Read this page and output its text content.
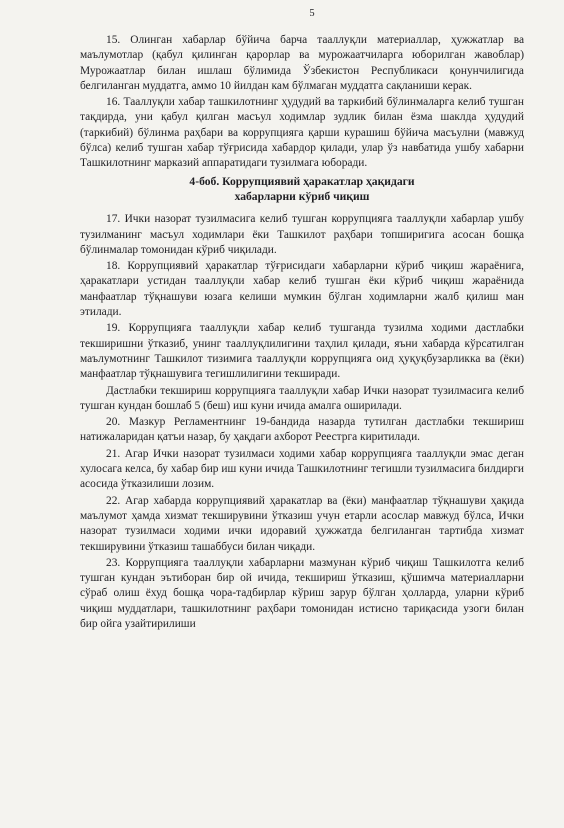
5

15. Олинган хабарлар бўйича барча тааллуқли материаллар, ҳужжатлар ва маълумотлар (қабул қилинган қарорлар ва мурожаатчиларга юборилган жавоблар) Мурожаатлар билан ишлаш бўлимида Ўзбекистон Республикаси қонунчилигида белгиланган муддатга, аммо 10 йилдан кам бўлмаган муддатга сақланиши керак.

16. Тааллуқли хабар ташкилотнинг ҳудудий ва таркибий бўлинмаларга келиб тушган тақдирда, уни қабул қилган масъул ходимлар зудлик билан ёзма шаклда ҳудудий (таркибий) бўлинма раҳбари ва коррупцияга қарши курашиш бўйича масъулни (мавжуд бўлса) келиб тушган хабар тўғрисида хабардор қилади, улар ўз навбатида ушбу хабарни Ташкилотнинг марказий аппаратидаги тузилмага юборади.

4-боб. Коррупциявий ҳаракатлар ҳақидаги
хабарларни кўриб чиқиш

17. Ички назорат тузилмасига келиб тушган коррупцияга тааллуқли хабарлар ушбу тузилманинг масъул ходимлари ёки Ташкилот раҳбари топширигига асосан бошқа бўлинмалар томонидан кўриб чиқилади.

18. Коррупциявий ҳаракатлар тўғрисидаги хабарларни кўриб чиқиш жараёнига, ҳаракатлари устидан тааллуқли хабар келиб тушган ёки кўриб чиқиш жараёнида манфаатлар тўқнашуви юзага келиши мумкин бўлган ходимларни жалб қилиш ман этилади.

19. Коррупцияга тааллуқли хабар келиб тушганда тузилма ходими дастлабки текширишни ўтказиб, унинг тааллуқлилигини таҳлил қилади, яъни хабарда кўрсатилган маълумотнинг Ташкилот тизимига тааллуқли коррупцияга оид ҳуқуқбузарликка ва (ёки) манфаатлар тўқнашувига тегишлилигини текширади.

Дастлабки текшириш коррупцияга тааллуқли хабар Ички назорат тузилмасига келиб тушган кундан бошлаб 5 (беш) иш куни ичида амалга оширилади.

20. Мазкур Регламентнинг 19-бандида назарда тутилган дастлабки текшириш натижаларидан қатъи назар, бу ҳақдаги ахборот Реестрга киритилади.

21. Агар Ички назорат тузилмаси ходими хабар коррупцияга тааллуқли эмас деган хулосага келса, бу хабар бир иш куни ичида Ташкилотнинг тегишли тузилмасига билдирги асосида ўтказилиши лозим.

22. Агар хабарда коррупциявий ҳаракатлар ва (ёки) манфаатлар тўқнашуви ҳақида маълумот ҳамда хизмат текширувини ўтказиш учун етарли асослар мавжуд бўлса, Ички назорат тузилмаси ходими ички идоравий ҳужжатда белгиланган тартибда хизмат текширувини ўтказиш ташаббуси билан чиқади.

23. Коррупцияга тааллуқли хабарларни мазмунан кўриб чиқиш Ташкилотга келиб тушган кундан эътиборан бир ой ичида, текшириш ўтказиш, қўшимча материалларни сўраб олиш ёхуд бошқа чора-тадбирлар кўриш зарур бўлган ҳолларда, уларни кўриб чиқиш муддатлари, ташкилотнинг раҳбари томонидан истисно тариқасида узоги билан бир ойга узайтирилиши
